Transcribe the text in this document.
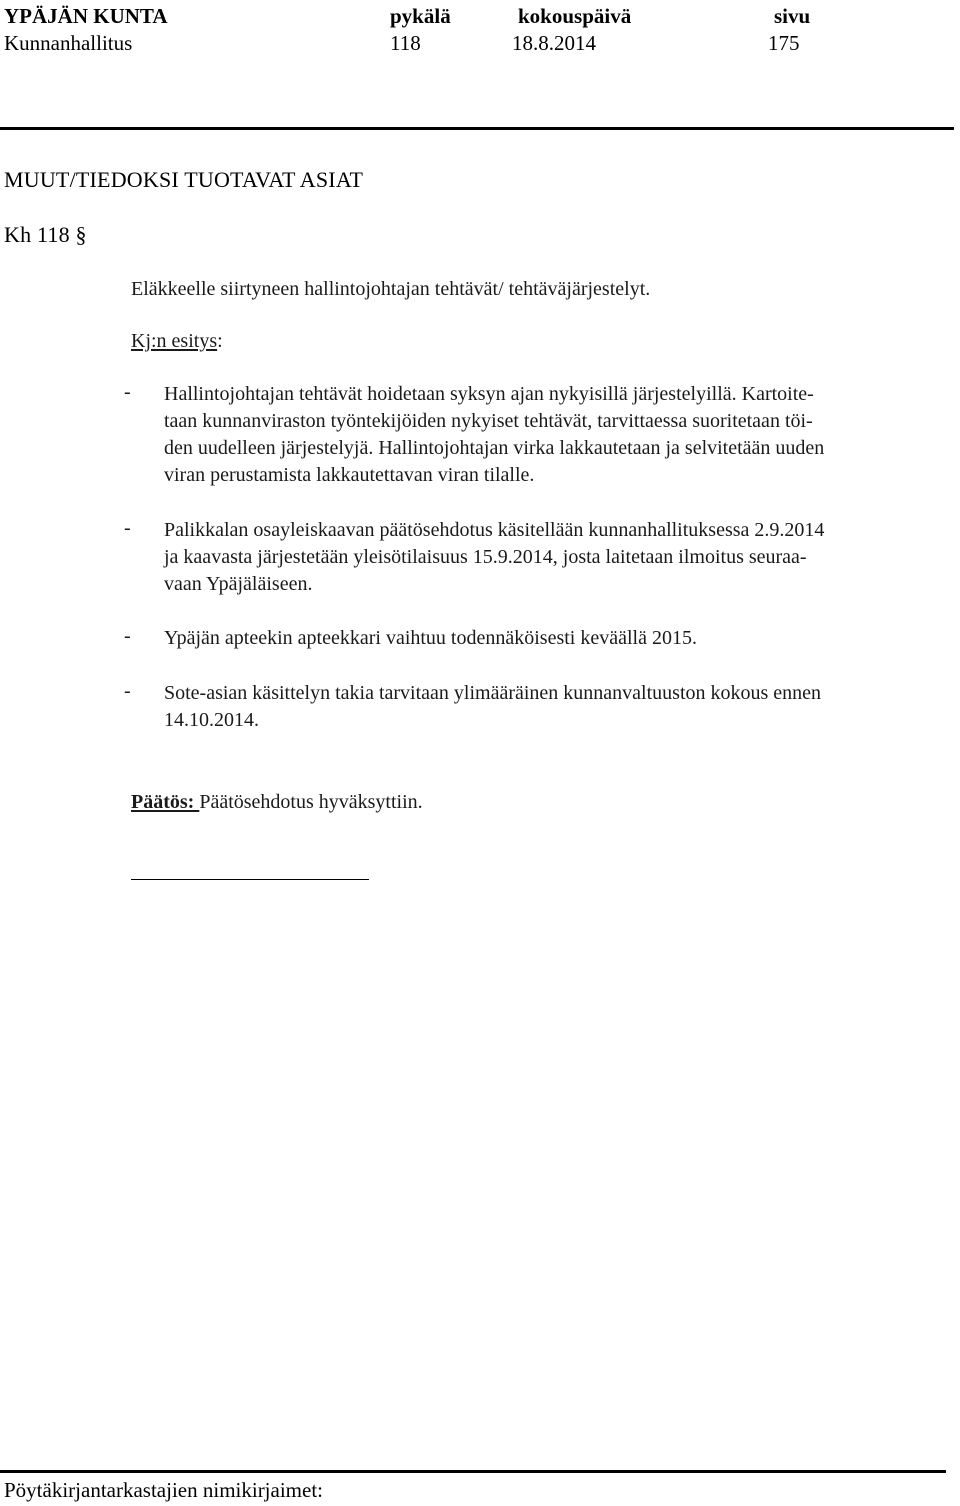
YPÄJÄN KUNTA	pykälä	kokouspäivä	sivu
Kunnanhallitus	118	18.8.2014	175
MUUT/TIEDOKSI TUOTAVAT ASIAT
Kh 118 §
Eläkkeelle siirtyneen hallintojohtajan tehtävät/ tehtäväjärjestelyt.
Kj:n esitys:
- Hallintojohtajan tehtävät hoidetaan syksyn ajan nykyisillä järjestelyillä. Kartoite-
taan kunnanviraston työntekijöiden nykyiset tehtävät, tarvittaessa suoritetaan töi-
den uudelleen järjestelyjä. Hallintojohtajan virka lakkautetaan ja selvitetään uuden
viran perustamista lakkautettavan viran tilalle.
- Palikkalan osayleiskaavan päätösehdotus käsitellään kunnanhallituksessa 2.9.2014
ja kaavasta järjestetään yleisötilaisuus 15.9.2014, josta laitetaan ilmoitus seuraa-
vaan Ypäjäläiseen.
- Ypäjän apteekin apteekkari vaihtuu todennäköisesti keväällä 2015.
- Sote-asian käsittelyn takia tarvitaan ylimääräinen kunnanvaltuuston kokous ennen
14.10.2014.
Päätös: Päätösehdotus hyväksyttiin.
Pöytäkirjantarkastajien nimikirjaimet:
